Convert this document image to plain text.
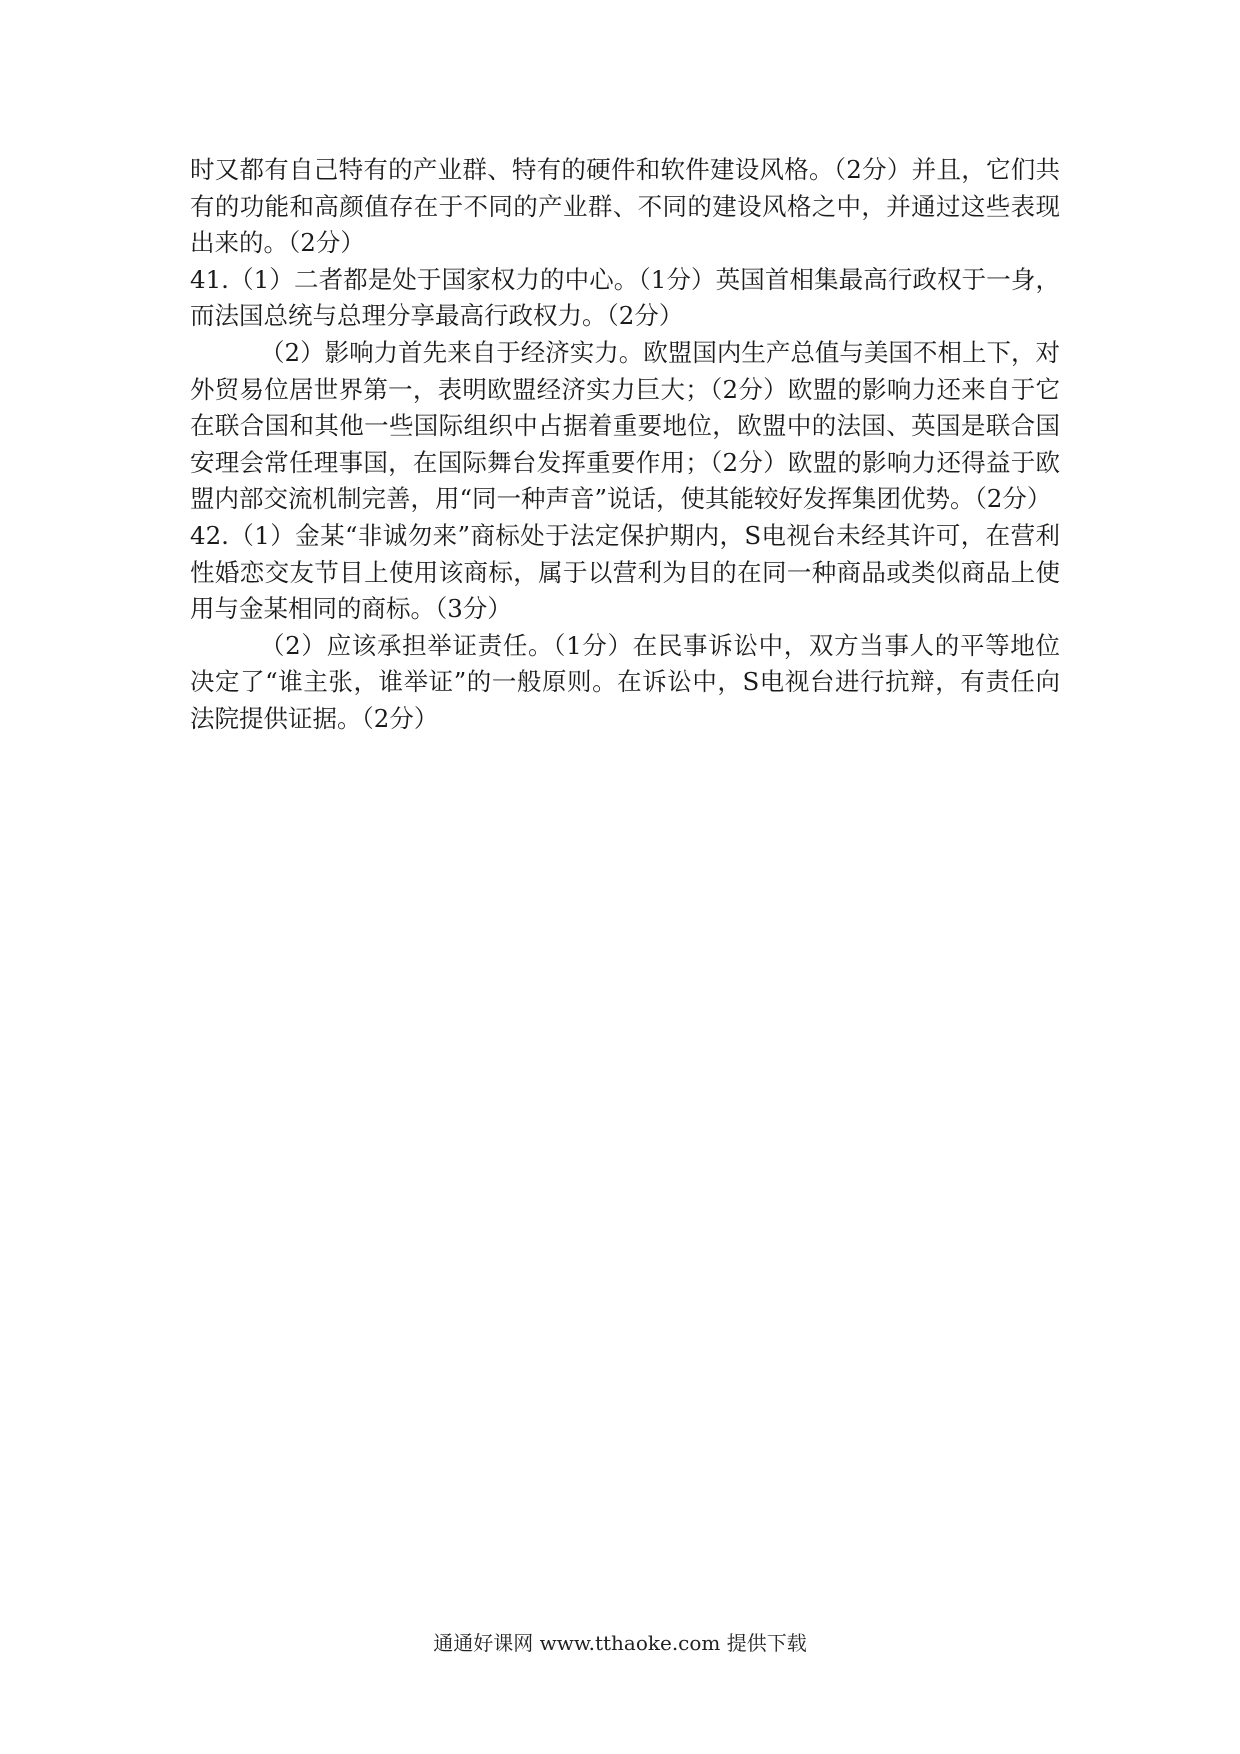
时又都有自己特有的产业群、特有的硬件和软件建设风格。（2分）并且，它们共有的功能和高颜值存在于不同的产业群、不同的建设风格之中，并通过这些表现出来的。（2分）

41.（1）二者都是处于国家权力的中心。（1分）英国首相集最高行政权于一身，而法国总统与总理分享最高行政权力。（2分）

（2）影响力首先来自于经济实力。欧盟国内生产总值与美国不相上下，对外贸易位居世界第一，表明欧盟经济实力巨大；（2分）欧盟的影响力还来自于它在联合国和其他一些国际组织中占据着重要地位，欧盟中的法国、英国是联合国安理会常任理事国，在国际舞台发挥重要作用；（2分）欧盟的影响力还得益于欧盟内部交流机制完善，用“同一种声音”说话，使其能较好发挥集团优势。（2分）

42.（1）金某“非诚勿来”商标处于法定保护期内，S电视台未经其许可，在营利性婚恋交友节目上使用该商标，属于以营利为目的在同一种商品或类似商品上使用与金某相同的商标。（3分）

（2）应该承担举证责任。（1分）在民事诉讼中，双方当事人的平等地位决定了“谁主张，谁举证”的一般原则。在诉讼中，S电视台进行抗辩，有责任向法院提供证据。（2分）

通通好课网 www.tthaoke.com 提供下载
